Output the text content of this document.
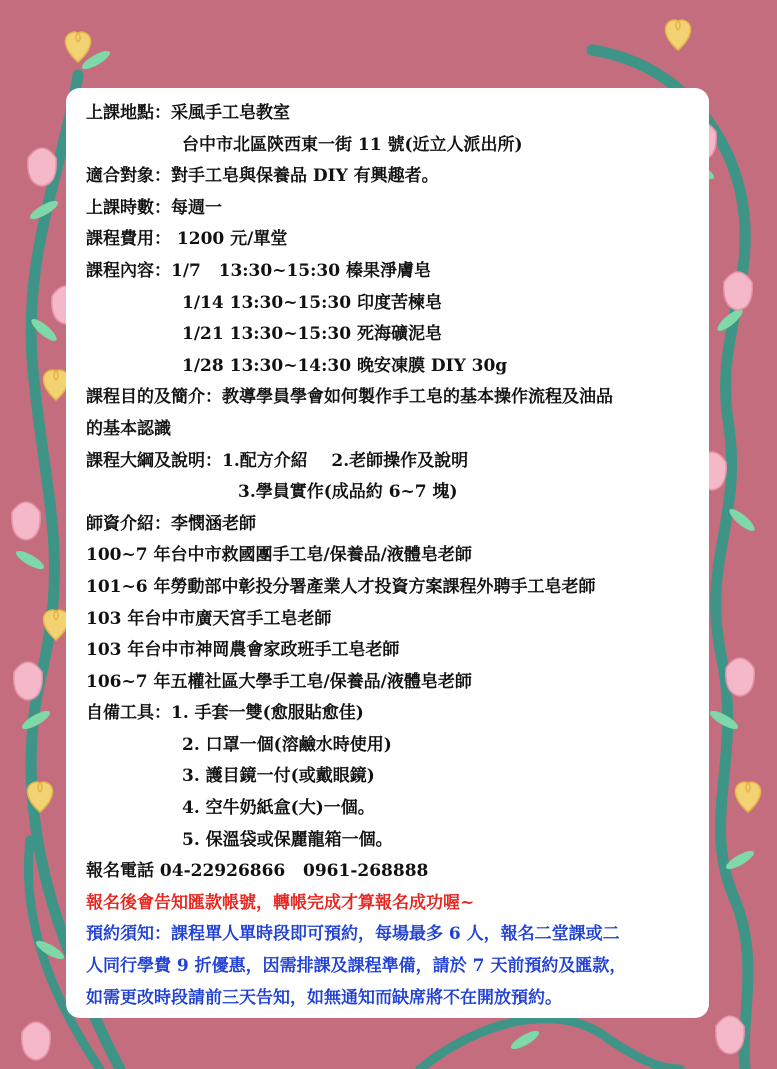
上課地點：采風手工皂教室
台中市北區陝西東一街 11 號(近立人派出所)
適合對象：對手工皂與保養品 DIY 有興趣者。
上課時數：每週一
課程費用： 1200 元/單堂
課程內容：1/7   13:30~15:30 榛果淨膚皂
1/14 13:30~15:30 印度苦楝皂
1/21 13:30~15:30 死海礦泥皂
1/28 13:30~14:30 晚安凍膜 DIY 30g
課程目的及簡介：教導學員學會如何製作手工皂的基本操作流程及油品
的基本認識
課程大綱及說明：1.配方介紹    2.老師操作及說明
3.學員實作(成品約 6~7 塊)
師資介紹：李憫涵老師
100~7 年台中市救國團手工皂/保養品/液體皂老師
101~6 年勞動部中彰投分署產業人才投資方案課程外聘手工皂老師
103 年台中市廣天宮手工皂老師
103 年台中市神岡農會家政班手工皂老師
106~7 年五權社區大學手工皂/保養品/液體皂老師
自備工具：1. 手套一雙(愈服貼愈佳)
2. 口罩一個(溶鹼水時使用)
3. 護目鏡一付(或戴眼鏡)
4. 空牛奶紙盒(大)一個。
5. 保溫袋或保麗龍箱一個。
報名電話 04-22926866   0961-268888
報名後會告知匯款帳號，轉帳完成才算報名成功喔~
預約須知：課程單人單時段即可預約，每場最多 6 人，報名二堂課或二
人同行學費 9 折優惠，因需排課及課程準備，請於 7 天前預約及匯款，
如需更改時段請前三天告知，如無通知而缺席將不在開放預約。
